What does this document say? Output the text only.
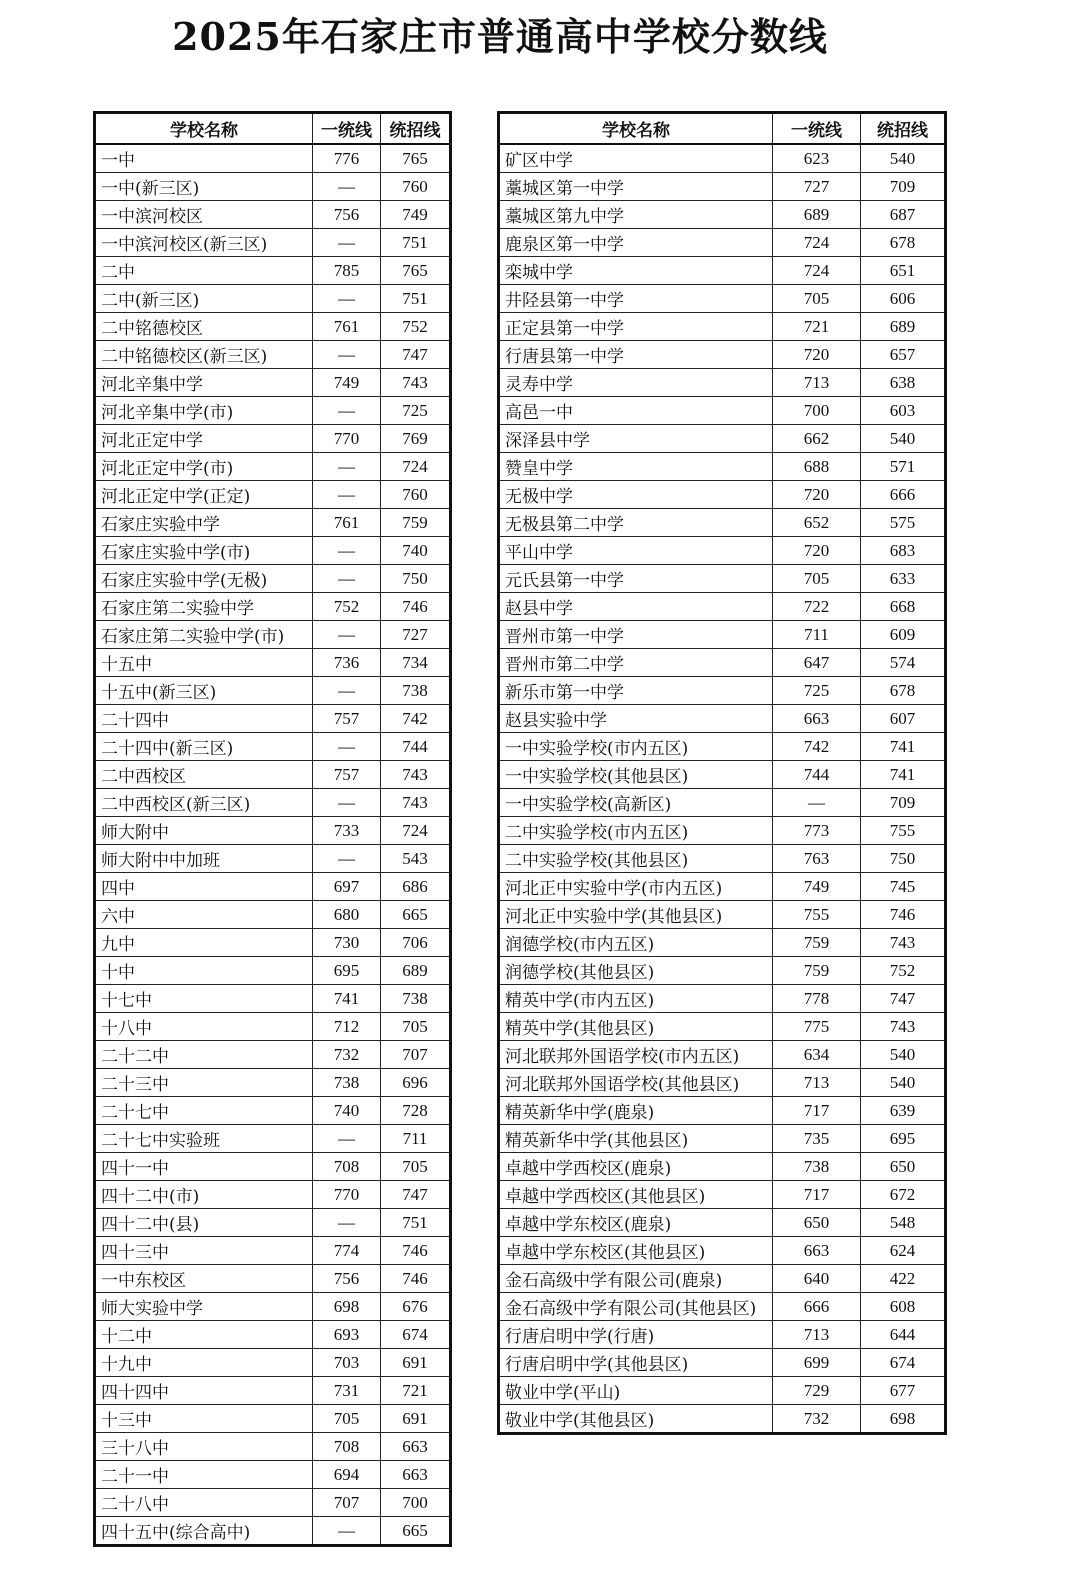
2025年石家庄市普通高中学校分数线
学校名称	一统线	统招线
一中	776	765
一中(新三区)	—	760
一中滨河校区	756	749
一中滨河校区(新三区)	—	751
二中	785	765
二中(新三区)	—	751
二中铭德校区	761	752
二中铭德校区(新三区)	—	747
河北辛集中学	749	743
河北辛集中学(市)	—	725
河北正定中学	770	769
河北正定中学(市)	—	724
河北正定中学(正定)	—	760
石家庄实验中学	761	759
石家庄实验中学(市)	—	740
石家庄实验中学(无极)	—	750
石家庄第二实验中学	752	746
石家庄第二实验中学(市)	—	727
十五中	736	734
十五中(新三区)	—	738
二十四中	757	742
二十四中(新三区)	—	744
二中西校区	757	743
二中西校区(新三区)	—	743
师大附中	733	724
师大附中中加班	—	543
四中	697	686
六中	680	665
九中	730	706
十中	695	689
十七中	741	738
十八中	712	705
二十二中	732	707
二十三中	738	696
二十七中	740	728
二十七中实验班	—	711
四十一中	708	705
四十二中(市)	770	747
四十二中(县)	—	751
四十三中	774	746
一中东校区	756	746
师大实验中学	698	676
十二中	693	674
十九中	703	691
四十四中	731	721
十三中	705	691
三十八中	708	663
二十一中	694	663
二十八中	707	700
四十五中(综合高中)	—	665
学校名称	一统线	统招线
矿区中学	623	540
藁城区第一中学	727	709
藁城区第九中学	689	687
鹿泉区第一中学	724	678
栾城中学	724	651
井陉县第一中学	705	606
正定县第一中学	721	689
行唐县第一中学	720	657
灵寿中学	713	638
高邑一中	700	603
深泽县中学	662	540
赞皇中学	688	571
无极中学	720	666
无极县第二中学	652	575
平山中学	720	683
元氏县第一中学	705	633
赵县中学	722	668
晋州市第一中学	711	609
晋州市第二中学	647	574
新乐市第一中学	725	678
赵县实验中学	663	607
一中实验学校(市内五区)	742	741
一中实验学校(其他县区)	744	741
一中实验学校(高新区)	—	709
二中实验学校(市内五区)	773	755
二中实验学校(其他县区)	763	750
河北正中实验中学(市内五区)	749	745
河北正中实验中学(其他县区)	755	746
润德学校(市内五区)	759	743
润德学校(其他县区)	759	752
精英中学(市内五区)	778	747
精英中学(其他县区)	775	743
河北联邦外国语学校(市内五区)	634	540
河北联邦外国语学校(其他县区)	713	540
精英新华中学(鹿泉)	717	639
精英新华中学(其他县区)	735	695
卓越中学西校区(鹿泉)	738	650
卓越中学西校区(其他县区)	717	672
卓越中学东校区(鹿泉)	650	548
卓越中学东校区(其他县区)	663	624
金石高级中学有限公司(鹿泉)	640	422
金石高级中学有限公司(其他县区)	666	608
行唐启明中学(行唐)	713	644
行唐启明中学(其他县区)	699	674
敬业中学(平山)	729	677
敬业中学(其他县区)	732	698
